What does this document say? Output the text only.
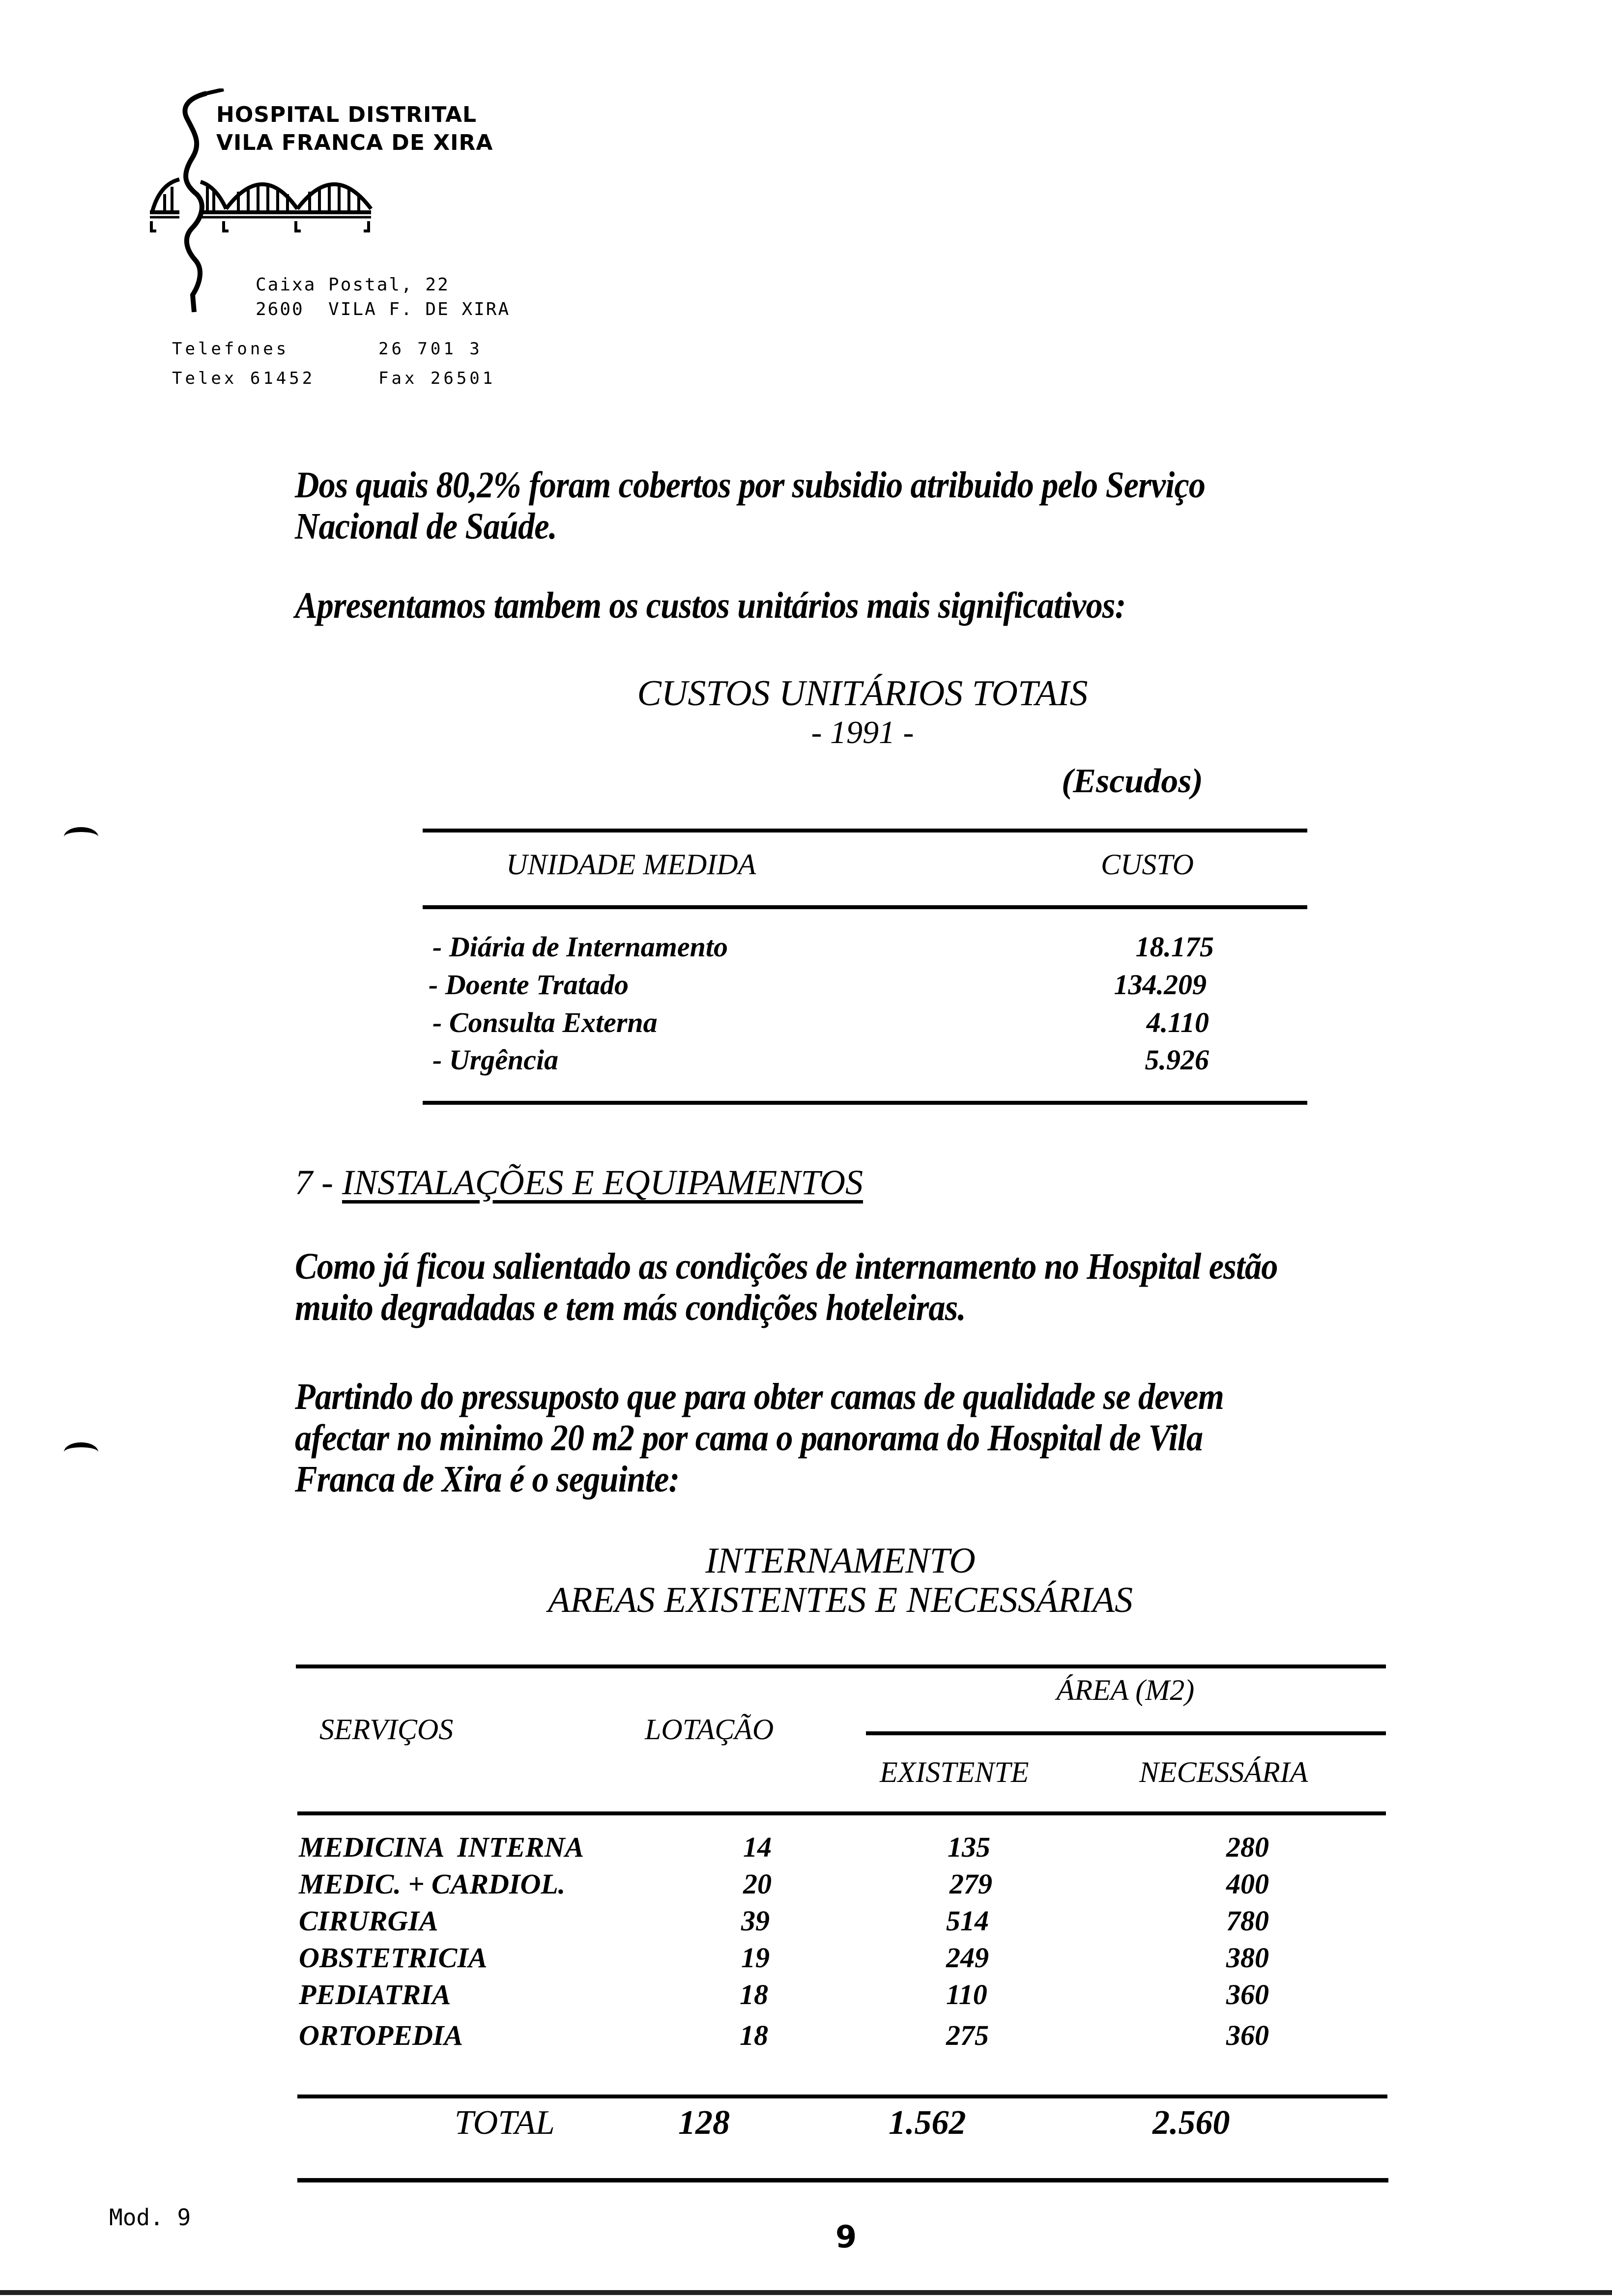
HOSPITAL DISTRITAL
VILA FRANCA DE XIRA
Caixa Postal, 22
2600  VILA F. DE XIRA
Telefones	26 701 3
Telex 61452	Fax 26501
Dos quais 80,2% foram cobertos por subsidio atribuido pelo Serviço Nacional de Saúde.
Apresentamos tambem os custos unitários mais significativos:
CUSTOS UNITÁRIOS TOTAIS
- 1991 -
(Escudos)
UNIDADE MEDIDA	CUSTO
- Diária de Internamento	18.175
- Doente Tratado	134.209
- Consulta Externa	4.110
- Urgência	5.926
7 - INSTALAÇÕES E EQUIPAMENTOS
Como já ficou salientado as condições de internamento no Hospital estão muito degradadas e tem más condições hoteleiras.
Partindo do pressuposto que para obter camas de qualidade se devem afectar no minimo 20 m2 por cama o panorama do Hospital de Vila Franca de Xira é o seguinte:
INTERNAMENTO
AREAS EXISTENTES E NECESSÁRIAS
SERVIÇOS	LOTAÇÃO
ÁREA (M2)
EXISTENTE	NECESSÁRIA
MEDICINA  INTERNA	14	135	280
MEDIC. + CARDIOL.	20	279	400
CIRURGIA	39	514	780
OBSTETRICIA	19	249	380
PEDIATRIA	18	110	360
ORTOPEDIA	18	275	360
TOTAL	128	1.562	2.560
Mod. 9
9
